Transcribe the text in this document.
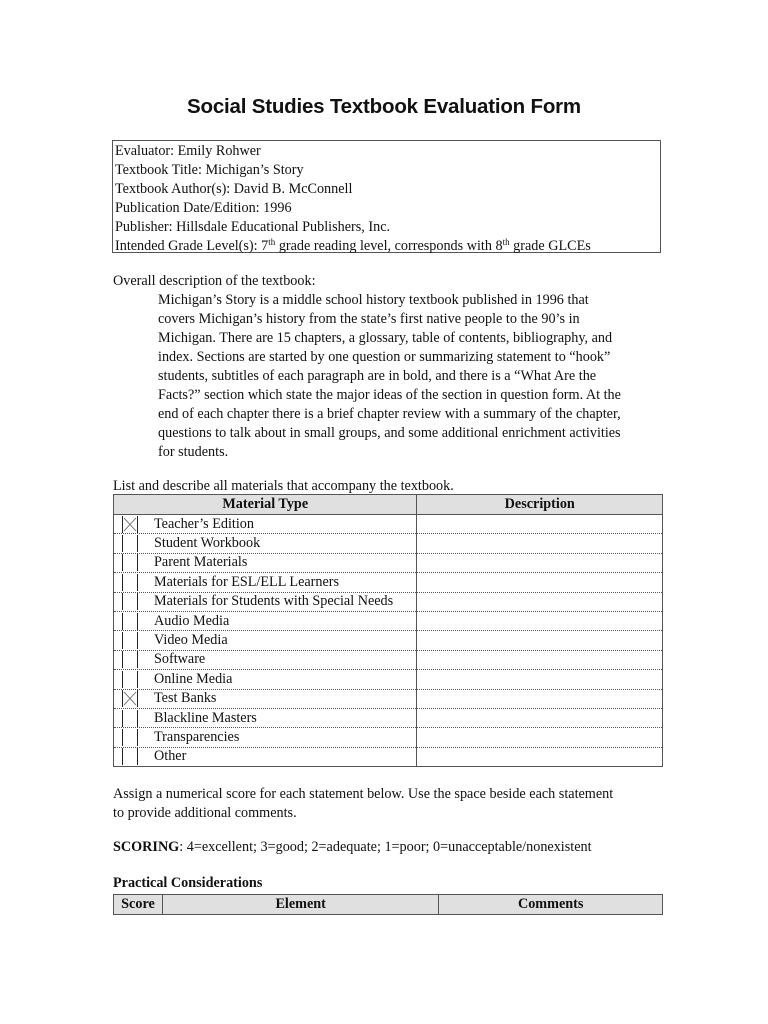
Social Studies Textbook Evaluation Form
Evaluator: Emily Rohwer
Textbook Title: Michigan’s Story
Textbook Author(s): David B. McConnell
Publication Date/Edition: 1996
Publisher: Hillsdale Educational Publishers, Inc.
Intended Grade Level(s): 7th grade reading level, corresponds with 8th grade GLCEs
Overall description of the textbook:
Michigan’s Story is a middle school history textbook published in 1996 that
covers Michigan’s history from the state’s first native people to the 90’s in
Michigan. There are 15 chapters, a glossary, table of contents, bibliography, and
index. Sections are started by one question or summarizing statement to “hook”
students, subtitles of each paragraph are in bold, and there is a “What Are the
Facts?” section which state the major ideas of the section in question form. At the
end of each chapter there is a brief chapter review with a summary of the chapter,
questions to talk about in small groups, and some additional enrichment activities
for students.
List and describe all materials that accompany the textbook.
Material Type	Description

Teacher’s Edition	

Student Workbook	

Parent Materials	

Materials for ESL/ELL Learners	

Materials for Students with Special Needs	

Audio Media	

Video Media	

Software	

Online Media	

Test Banks	

Blackline Masters	

Transparencies	

Other	

Assign a numerical score for each statement below. Use the space beside each statement
to provide additional comments.
SCORING: 4=excellent; 3=good; 2=adequate; 1=poor; 0=unacceptable/nonexistent
Practical Considerations
Score	Element	Comments
